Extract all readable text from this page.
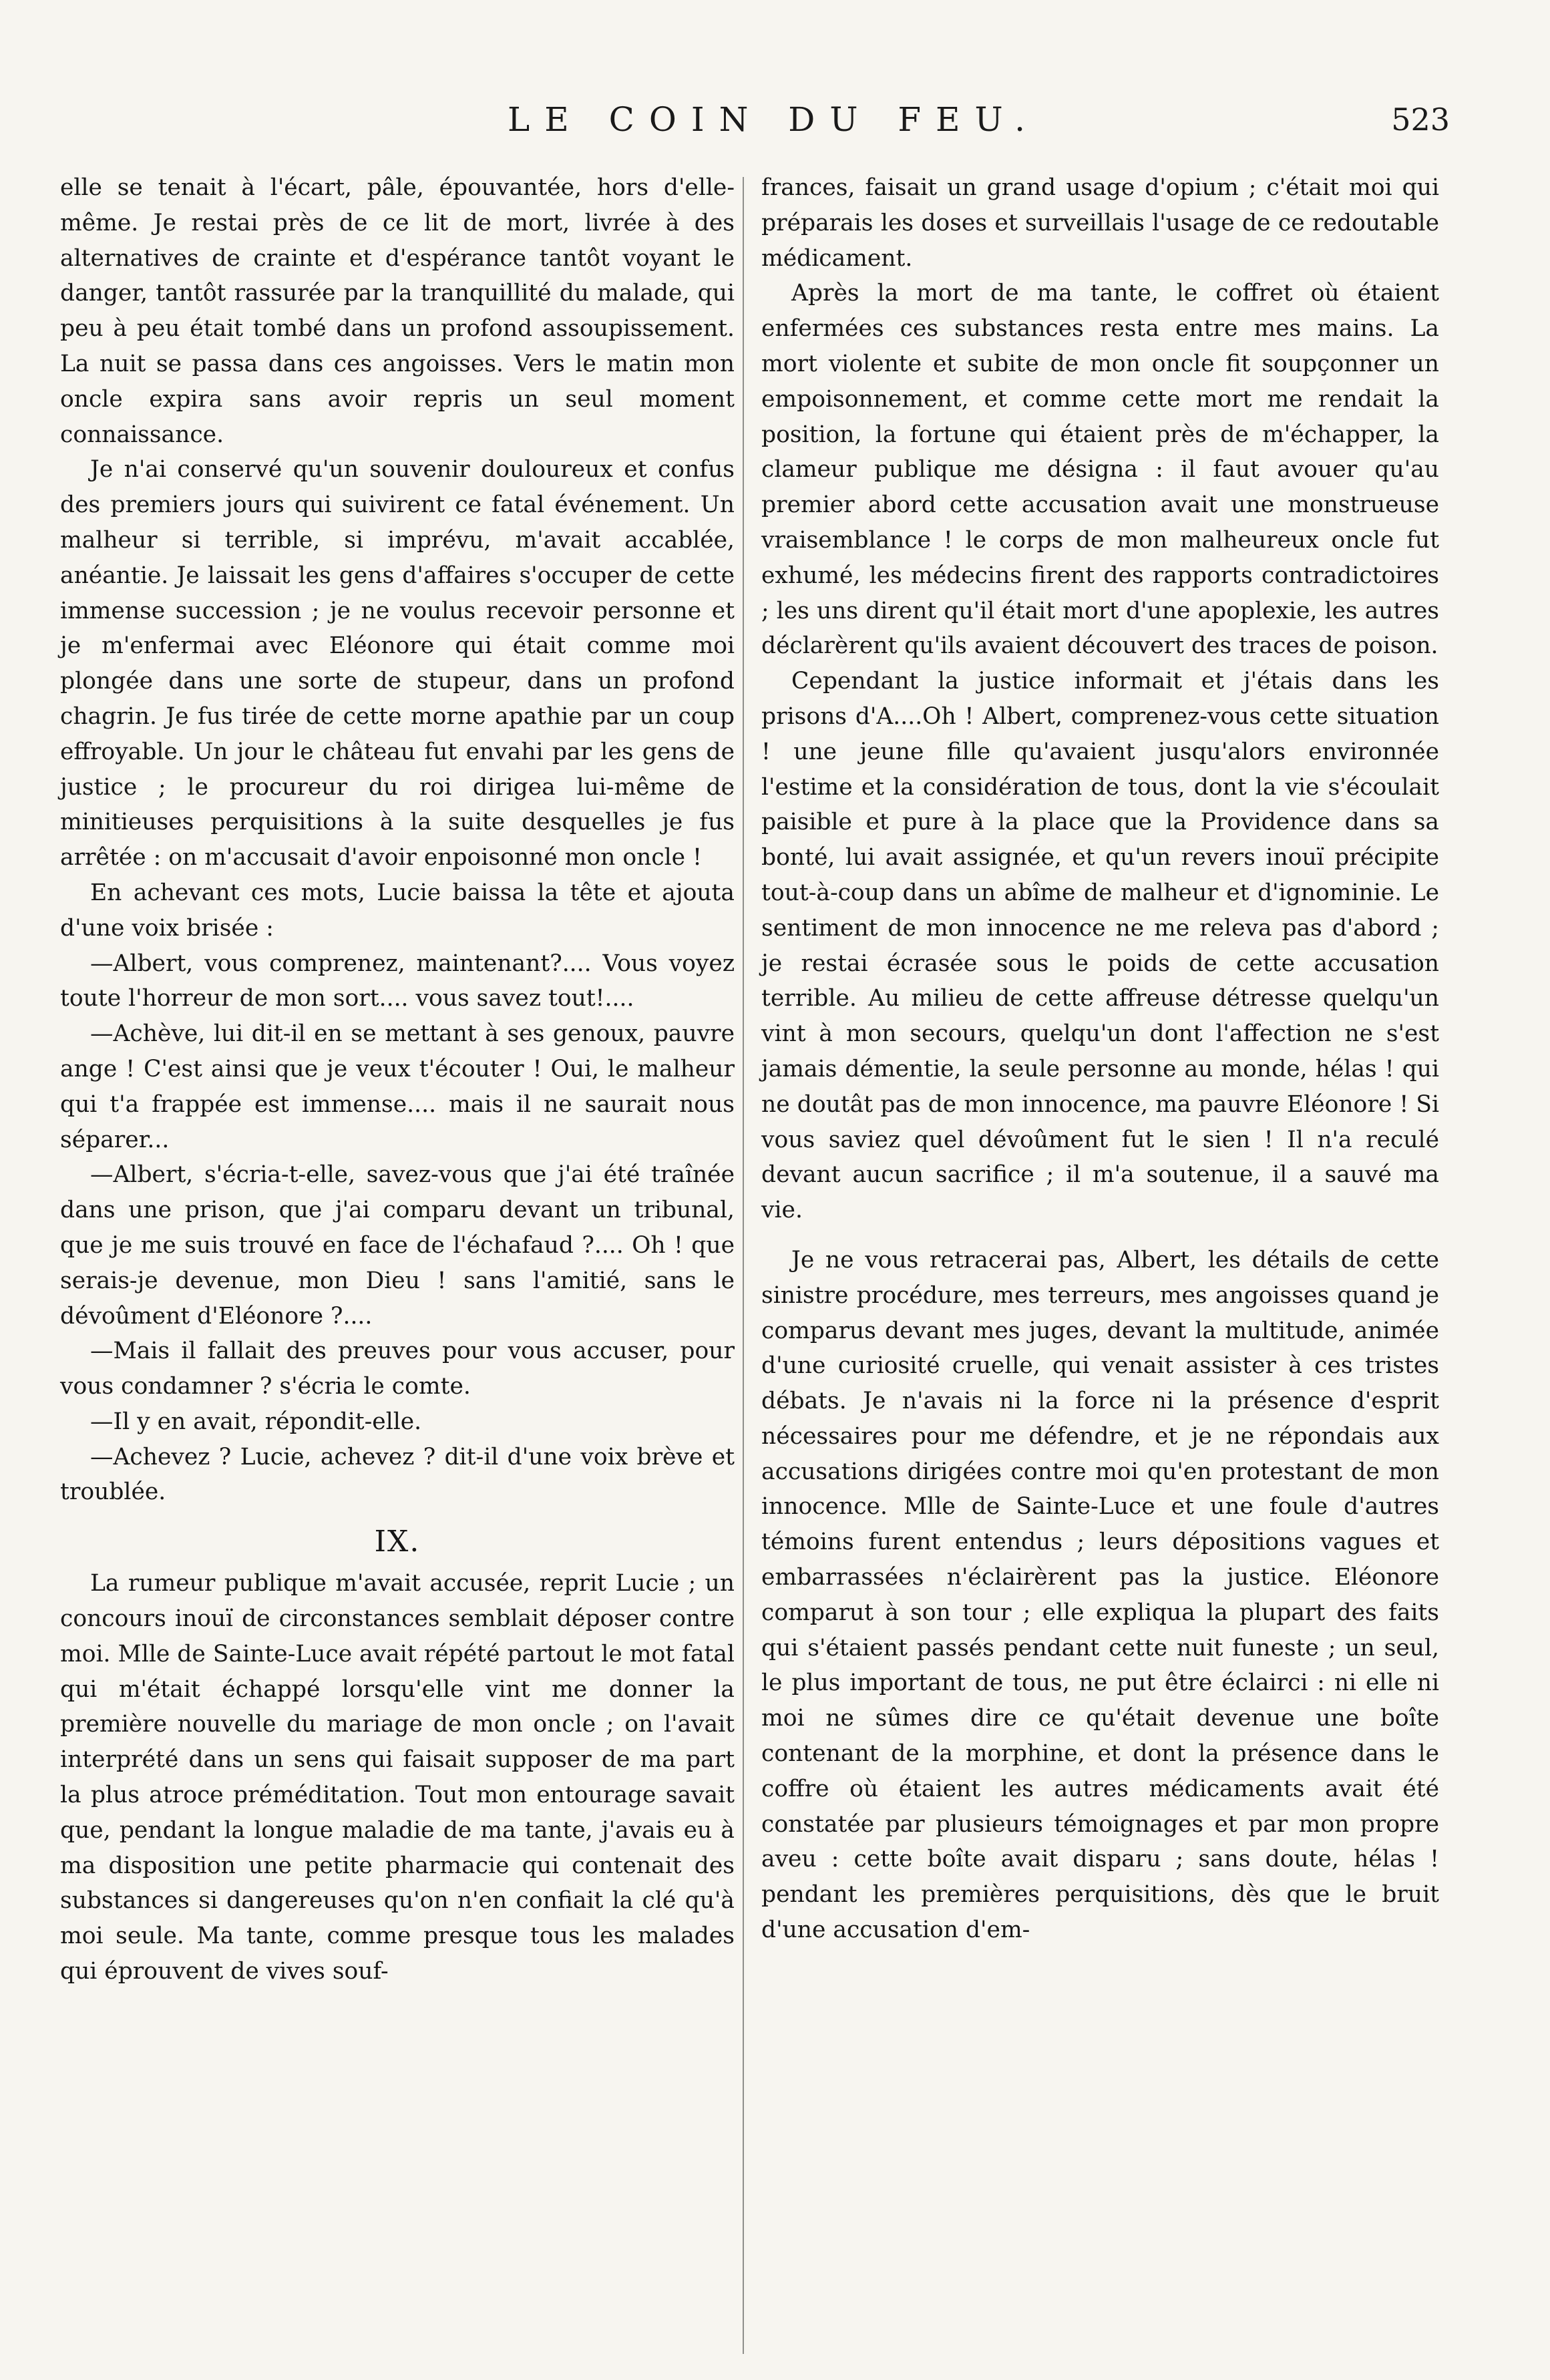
LE COIN DU FEU.	523

elle se tenait à l'écart, pâle, épouvantée, hors d'elle-même. Je restai près de ce lit de mort, livrée à des alternatives de crainte et d'espérance tantôt voyant le danger, tantôt rassurée par la tranquillité du malade, qui peu à peu était tombé dans un profond assoupissement. La nuit se passa dans ces angoisses. Vers le matin mon oncle expira sans avoir repris un seul moment connaissance.

Je n'ai conservé qu'un souvenir douloureux et confus des premiers jours qui suivirent ce fatal événement. Un malheur si terrible, si imprévu, m'avait accablée, anéantie. Je laissait les gens d'affaires s'occuper de cette immense succession ; je ne voulus recevoir personne et je m'enfermai avec Eléonore qui était comme moi plongée dans une sorte de stupeur, dans un profond chagrin. Je fus tirée de cette morne apathie par un coup effroyable. Un jour le château fut envahi par les gens de justice ; le procureur du roi dirigea lui-même de minitieuses perquisitions à la suite desquelles je fus arrêtée : on m'accusait d'avoir enpoisonné mon oncle !

En achevant ces mots, Lucie baissa la tête et ajouta d'une voix brisée :

—Albert, vous comprenez, maintenant?.... Vous voyez toute l'horreur de mon sort.... vous savez tout!....

—Achève, lui dit-il en se mettant à ses genoux, pauvre ange ! C'est ainsi que je veux t'écouter ! Oui, le malheur qui t'a frappée est immense.... mais il ne saurait nous séparer...

—Albert, s'écria-t-elle, savez-vous que j'ai été traînée dans une prison, que j'ai comparu devant un tribunal, que je me suis trouvé en face de l'échafaud ?.... Oh ! que serais-je devenue, mon Dieu ! sans l'amitié, sans le dévoûment d'Eléonore ?....

—Mais il fallait des preuves pour vous accuser, pour vous condamner ? s'écria le comte.

—Il y en avait, répondit-elle.

—Achevez ? Lucie, achevez ? dit-il d'une voix brève et troublée.

IX.

La rumeur publique m'avait accusée, reprit Lucie ; un concours inouï de circonstances semblait déposer contre moi. Mlle de Sainte-Luce avait répété partout le mot fatal qui m'était échappé lorsqu'elle vint me donner la première nouvelle du mariage de mon oncle ; on l'avait interprété dans un sens qui faisait supposer de ma part la plus atroce préméditation. Tout mon entourage savait que, pendant la longue maladie de ma tante, j'avais eu à ma disposition une petite pharmacie qui contenait des substances si dangereuses qu'on n'en confiait la clé qu'à moi seule. Ma tante, comme presque tous les malades qui éprouvent de vives souf-

frances, faisait un grand usage d'opium ; c'était moi qui préparais les doses et surveillais l'usage de ce redoutable médicament.

Après la mort de ma tante, le coffret où étaient enfermées ces substances resta entre mes mains. La mort violente et subite de mon oncle fit soupçonner un empoisonnement, et comme cette mort me rendait la position, la fortune qui étaient près de m'échapper, la clameur publique me désigna : il faut avouer qu'au premier abord cette accusation avait une monstrueuse vraisemblance ! le corps de mon malheureux oncle fut exhumé, les médecins firent des rapports contradictoires ; les uns dirent qu'il était mort d'une apoplexie, les autres déclarèrent qu'ils avaient découvert des traces de poison.

Cependant la justice informait et j'étais dans les prisons d'A....Oh ! Albert, comprenez-vous cette situation ! une jeune fille qu'avaient jusqu'alors environnée l'estime et la considération de tous, dont la vie s'écoulait paisible et pure à la place que la Providence dans sa bonté, lui avait assignée, et qu'un revers inouï précipite tout-à-coup dans un abîme de malheur et d'ignominie. Le sentiment de mon innocence ne me releva pas d'abord ; je restai écrasée sous le poids de cette accusation terrible. Au milieu de cette affreuse détresse quelqu'un vint à mon secours, quelqu'un dont l'affection ne s'est jamais démentie, la seule personne au monde, hélas ! qui ne doutât pas de mon innocence, ma pauvre Eléonore ! Si vous saviez quel dévoûment fut le sien ! Il n'a reculé devant aucun sacrifice ; il m'a soutenue, il a sauvé ma vie.

Je ne vous retracerai pas, Albert, les détails de cette sinistre procédure, mes terreurs, mes angoisses quand je comparus devant mes juges, devant la multitude, animée d'une curiosité cruelle, qui venait assister à ces tristes débats. Je n'avais ni la force ni la présence d'esprit nécessaires pour me défendre, et je ne répondais aux accusations dirigées contre moi qu'en protestant de mon innocence. Mlle de Sainte-Luce et une foule d'autres témoins furent entendus ; leurs dépositions vagues et embarrassées n'éclairèrent pas la justice. Eléonore comparut à son tour ; elle expliqua la plupart des faits qui s'étaient passés pendant cette nuit funeste ; un seul, le plus important de tous, ne put être éclairci : ni elle ni moi ne sûmes dire ce qu'était devenue une boîte contenant de la morphine, et dont la présence dans le coffre où étaient les autres médicaments avait été constatée par plusieurs témoignages et par mon propre aveu : cette boîte avait disparu ; sans doute, hélas ! pendant les premières perquisitions, dès que le bruit d'une accusation d'em-
